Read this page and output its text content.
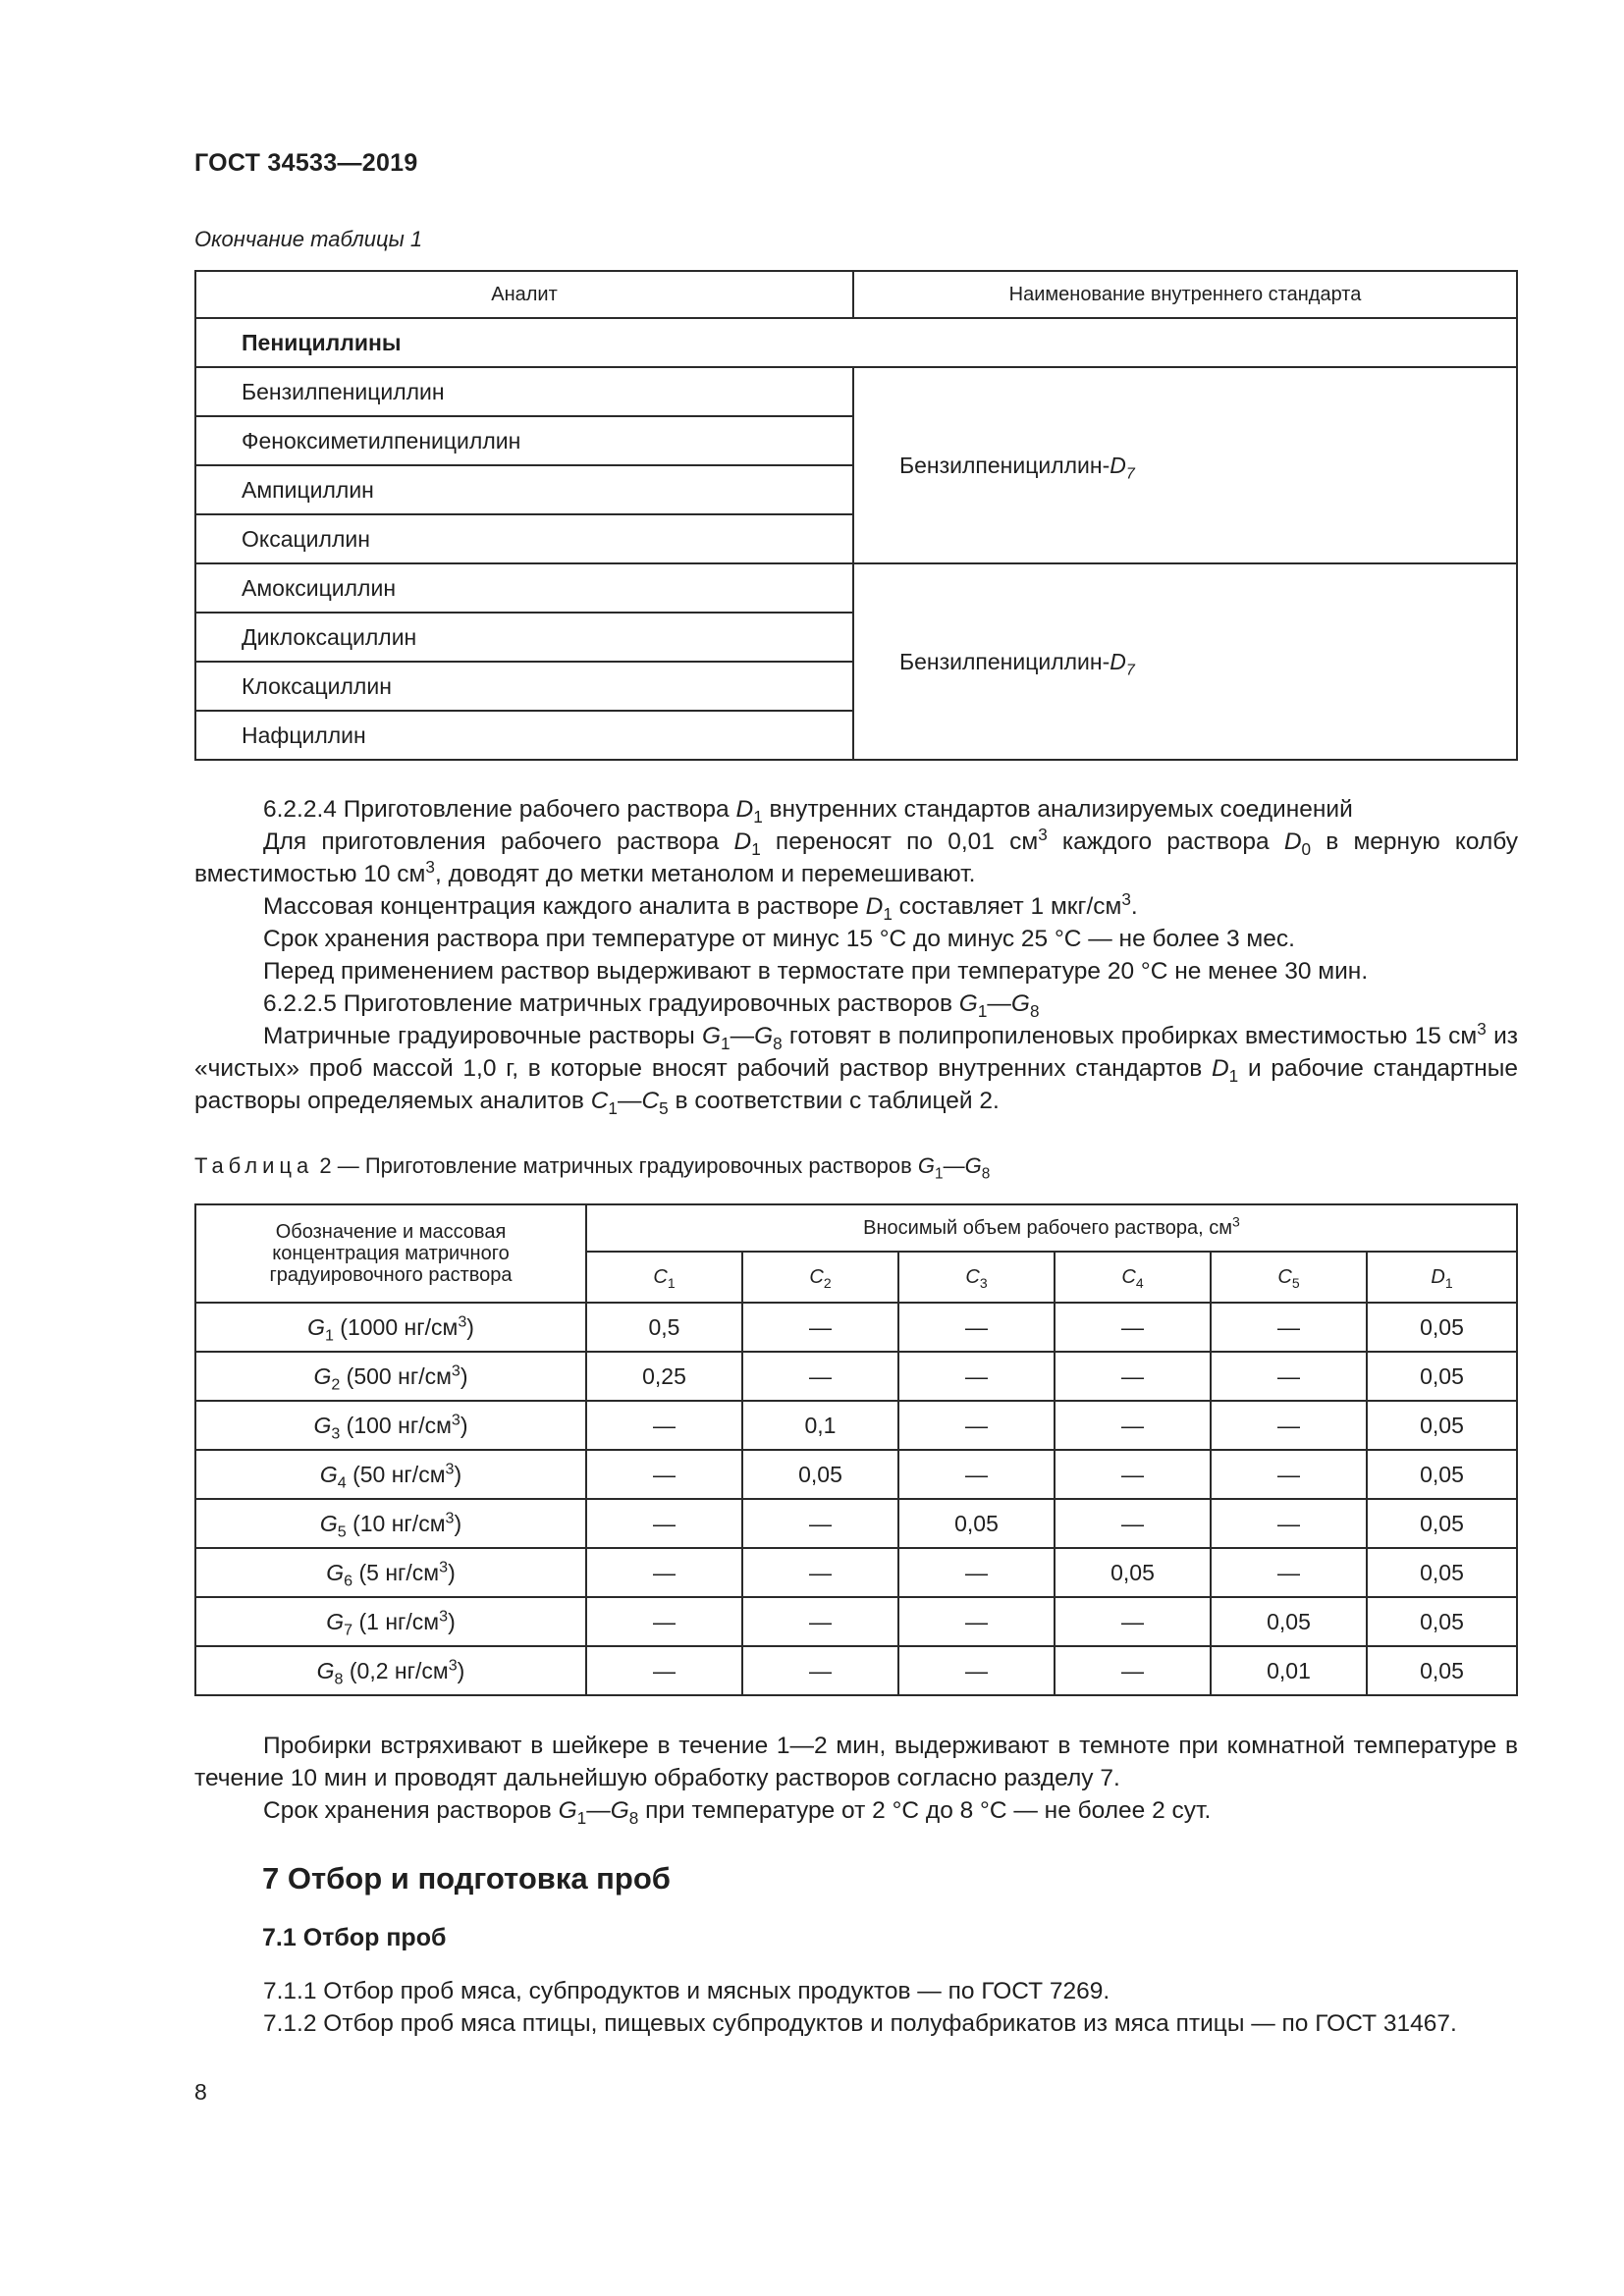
ГОСТ 34533—2019
Окончание таблицы 1
Аналит	Наименование внутреннего стандарта
Пенициллины	
Бензилпенициллин	Бензилпенициллин-$D_7$
Феноксиметилпенициллин	
Ампициллин	
Оксациллин	
Амоксициллин	Бензилпенициллин-$D_7$
Диклоксациллин	
Клоксациллин	
Нафциллин	

6.2.2.4 Приготовление рабочего раствора $D_1$ внутренних стандартов анализируемых соединений

Для приготовления рабочего раствора $D_1$ переносят по 0,01 $см^3$ каждого раствора $D_0$ в мерную колбу вместимостью 10 $см^3$, доводят до метки метанолом и перемешивают.

Массовая концентрация каждого аналита в растворе $D_1$ составляет 1 мкг/$см^3$.

Срок хранения раствора при температуре от минус 15 °С до минус 25 °С — не более 3 мес.

Перед применением раствор выдерживают в термостате при температуре 20 °С не менее 30 мин.

6.2.2.5 Приготовление матричных градуировочных растворов $G_1—G_8$

Матричные градуировочные растворы $G_1—G_8$ готовят в полипропиленовых пробирках вместимостью 15 $см^3$ из «чистых» проб массой 1,0 г, в которые вносят рабочий раствор внутренних стандартов $D_1$ и рабочие стандартные растворы определяемых аналитов $C_1—C_5$ в соответствии с таблицей 2.

Таблица 2 — Приготовление матричных градуировочных растворов $G_1—G_8$
Обозначение и массовая концентрация матричного градуировочного раствора	Вносимый объем рабочего раствора, $см^3$
	$C_1$	$C_2$	$C_3$	$C_4$	$C_5$	$D_1$
$G_1$ (1000 $нг/см^3$)	0,5	—	—	—	—	0,05
$G_2$ (500 $нг/см^3$)	0,25	—	—	—	—	0,05
$G_3$ (100 $нг/см^3$)	—	0,1	—	—	—	0,05
$G_4$ (50 $нг/см^3$)	—	0,05	—	—	—	0,05
$G_5$ (10 $нг/см^3$)	—	—	0,05	—	—	0,05
$G_6$ (5 $нг/см^3$)	—	—	—	0,05	—	0,05
$G_7$ (1 $нг/см^3$)	—	—	—	—	0,05	0,05
$G_8$ (0,2 $нг/см^3$)	—	—	—	—	0,01	0,05

Пробирки встряхивают в шейкере в течение 1—2 мин, выдерживают в темноте при комнатной температуре в течение 10 мин и проводят дальнейшую обработку растворов согласно разделу 7.

Срок хранения растворов $G_1—G_8$ при температуре от 2 °С до 8 °С — не более 2 сут.

7 Отбор и подготовка проб
7.1 Отбор проб

7.1.1 Отбор проб мяса, субпродуктов и мясных продуктов — по ГОСТ 7269.

7.1.2 Отбор проб мяса птицы, пищевых субпродуктов и полуфабрикатов из мяса птицы — по ГОСТ 31467.

8
